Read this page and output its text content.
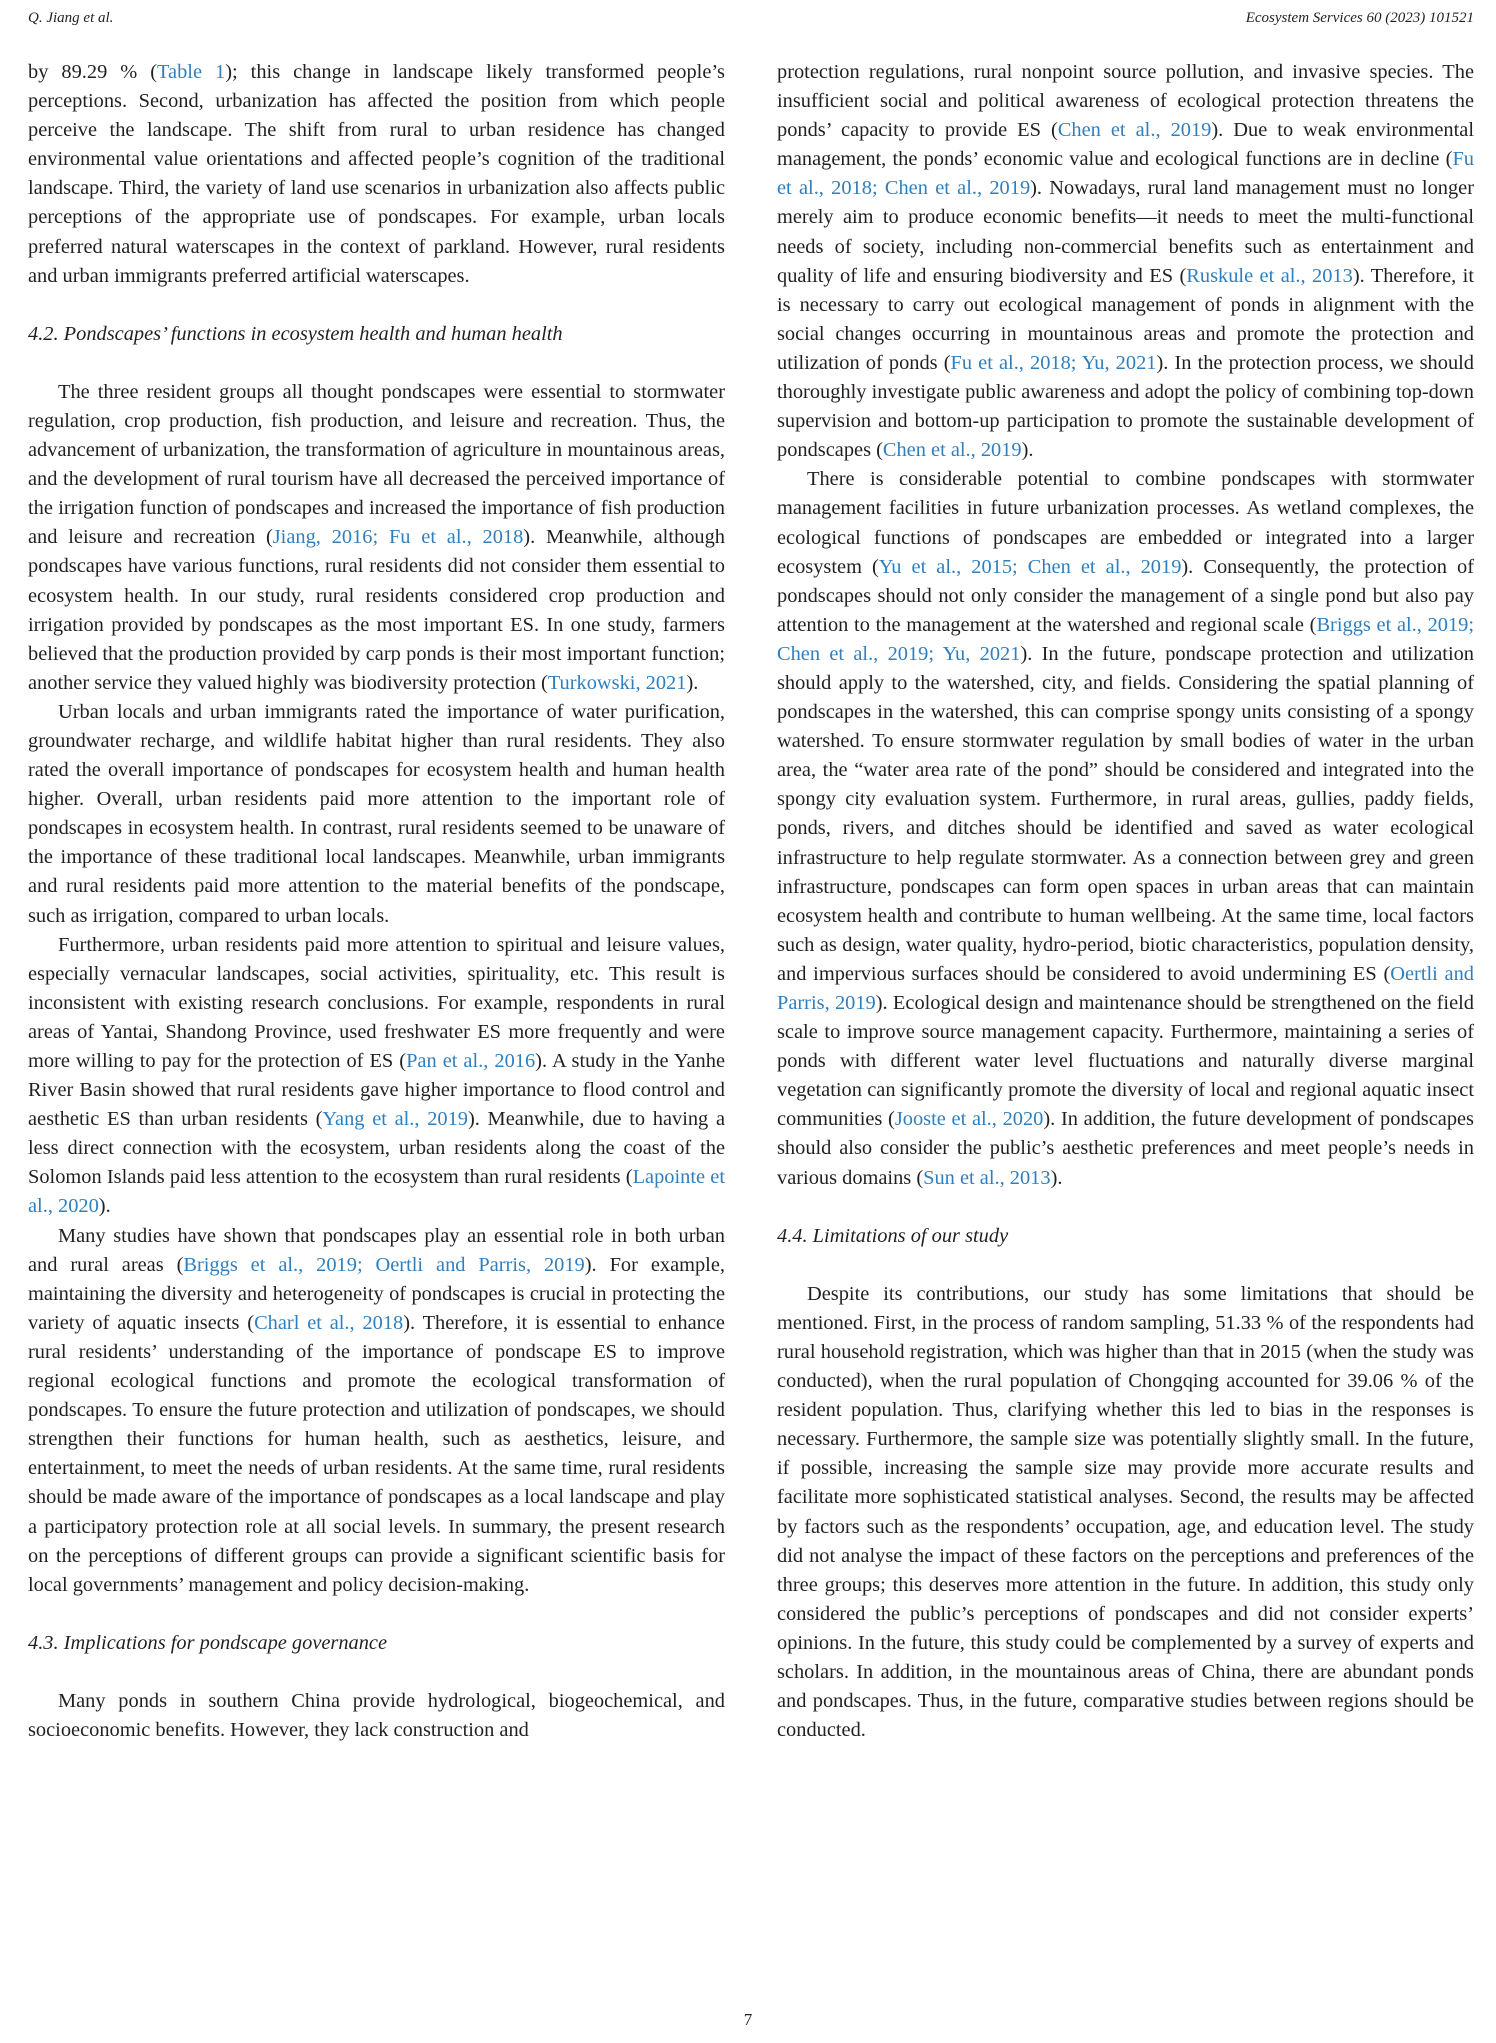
Q. Jiang et al.	Ecosystem Services 60 (2023) 101521

by 89.29 % (Table 1); this change in landscape likely transformed people’s perceptions. Second, urbanization has affected the position from which people perceive the landscape. The shift from rural to urban residence has changed environmental value orientations and affected people’s cognition of the traditional landscape. Third, the variety of land use scenarios in urbanization also affects public perceptions of the appropriate use of pondscapes. For example, urban locals preferred natural waterscapes in the context of parkland. However, rural residents and urban immigrants preferred artificial waterscapes.

4.2. Pondscapes’ functions in ecosystem health and human health

The three resident groups all thought pondscapes were essential to stormwater regulation, crop production, fish production, and leisure and recreation. Thus, the advancement of urbanization, the transformation of agriculture in mountainous areas, and the development of rural tourism have all decreased the perceived importance of the irrigation function of pondscapes and increased the importance of fish production and leisure and recreation (Jiang, 2016; Fu et al., 2018). Meanwhile, although pondscapes have various functions, rural residents did not consider them essential to ecosystem health. In our study, rural residents considered crop production and irrigation provided by pondscapes as the most important ES. In one study, farmers believed that the production provided by carp ponds is their most important function; another service they valued highly was biodiversity protection (Turkowski, 2021).

Urban locals and urban immigrants rated the importance of water purification, groundwater recharge, and wildlife habitat higher than rural residents. They also rated the overall importance of pondscapes for ecosystem health and human health higher. Overall, urban residents paid more attention to the important role of pondscapes in ecosystem health. In contrast, rural residents seemed to be unaware of the importance of these traditional local landscapes. Meanwhile, urban immigrants and rural residents paid more attention to the material benefits of the pondscape, such as irrigation, compared to urban locals.

Furthermore, urban residents paid more attention to spiritual and leisure values, especially vernacular landscapes, social activities, spirituality, etc. This result is inconsistent with existing research conclusions. For example, respondents in rural areas of Yantai, Shandong Province, used freshwater ES more frequently and were more willing to pay for the protection of ES (Pan et al., 2016). A study in the Yanhe River Basin showed that rural residents gave higher importance to flood control and aesthetic ES than urban residents (Yang et al., 2019). Meanwhile, due to having a less direct connection with the ecosystem, urban residents along the coast of the Solomon Islands paid less attention to the ecosystem than rural residents (Lapointe et al., 2020).

Many studies have shown that pondscapes play an essential role in both urban and rural areas (Briggs et al., 2019; Oertli and Parris, 2019). For example, maintaining the diversity and heterogeneity of pondscapes is crucial in protecting the variety of aquatic insects (Charl et al., 2018). Therefore, it is essential to enhance rural residents’ understanding of the importance of pondscape ES to improve regional ecological functions and promote the ecological transformation of pondscapes. To ensure the future protection and utilization of pondscapes, we should strengthen their functions for human health, such as aesthetics, leisure, and entertainment, to meet the needs of urban residents. At the same time, rural residents should be made aware of the importance of pondscapes as a local landscape and play a participatory protection role at all social levels. In summary, the present research on the perceptions of different groups can provide a significant scientific basis for local governments’ management and policy decision-making.

4.3. Implications for pondscape governance

Many ponds in southern China provide hydrological, biogeochemical, and socioeconomic benefits. However, they lack construction and

protection regulations, rural nonpoint source pollution, and invasive species. The insufficient social and political awareness of ecological protection threatens the ponds’ capacity to provide ES (Chen et al., 2019). Due to weak environmental management, the ponds’ economic value and ecological functions are in decline (Fu et al., 2018; Chen et al., 2019). Nowadays, rural land management must no longer merely aim to produce economic benefits—it needs to meet the multi-functional needs of society, including non-commercial benefits such as entertainment and quality of life and ensuring biodiversity and ES (Ruskule et al., 2013). Therefore, it is necessary to carry out ecological management of ponds in alignment with the social changes occurring in mountainous areas and promote the protection and utilization of ponds (Fu et al., 2018; Yu, 2021). In the protection process, we should thoroughly investigate public awareness and adopt the policy of combining top-down supervision and bottom-up participation to promote the sustainable development of pondscapes (Chen et al., 2019).

There is considerable potential to combine pondscapes with stormwater management facilities in future urbanization processes. As wetland complexes, the ecological functions of pondscapes are embedded or integrated into a larger ecosystem (Yu et al., 2015; Chen et al., 2019). Consequently, the protection of pondscapes should not only consider the management of a single pond but also pay attention to the management at the watershed and regional scale (Briggs et al., 2019; Chen et al., 2019; Yu, 2021). In the future, pondscape protection and utilization should apply to the watershed, city, and fields. Considering the spatial planning of pondscapes in the watershed, this can comprise spongy units consisting of a spongy watershed. To ensure stormwater regulation by small bodies of water in the urban area, the “water area rate of the pond” should be considered and integrated into the spongy city evaluation system. Furthermore, in rural areas, gullies, paddy fields, ponds, rivers, and ditches should be identified and saved as water ecological infrastructure to help regulate stormwater. As a connection between grey and green infrastructure, pondscapes can form open spaces in urban areas that can maintain ecosystem health and contribute to human wellbeing. At the same time, local factors such as design, water quality, hydro-period, biotic characteristics, population density, and impervious surfaces should be considered to avoid undermining ES (Oertli and Parris, 2019). Ecological design and maintenance should be strengthened on the field scale to improve source management capacity. Furthermore, maintaining a series of ponds with different water level fluctuations and naturally diverse marginal vegetation can significantly promote the diversity of local and regional aquatic insect communities (Jooste et al., 2020). In addition, the future development of pondscapes should also consider the public’s aesthetic preferences and meet people’s needs in various domains (Sun et al., 2013).

4.4. Limitations of our study

Despite its contributions, our study has some limitations that should be mentioned. First, in the process of random sampling, 51.33 % of the respondents had rural household registration, which was higher than that in 2015 (when the study was conducted), when the rural population of Chongqing accounted for 39.06 % of the resident population. Thus, clarifying whether this led to bias in the responses is necessary. Furthermore, the sample size was potentially slightly small. In the future, if possible, increasing the sample size may provide more accurate results and facilitate more sophisticated statistical analyses. Second, the results may be affected by factors such as the respondents’ occupation, age, and education level. The study did not analyse the impact of these factors on the perceptions and preferences of the three groups; this deserves more attention in the future. In addition, this study only considered the public’s perceptions of pondscapes and did not consider experts’ opinions. In the future, this study could be complemented by a survey of experts and scholars. In addition, in the mountainous areas of China, there are abundant ponds and pondscapes. Thus, in the future, comparative studies between regions should be conducted.

7
